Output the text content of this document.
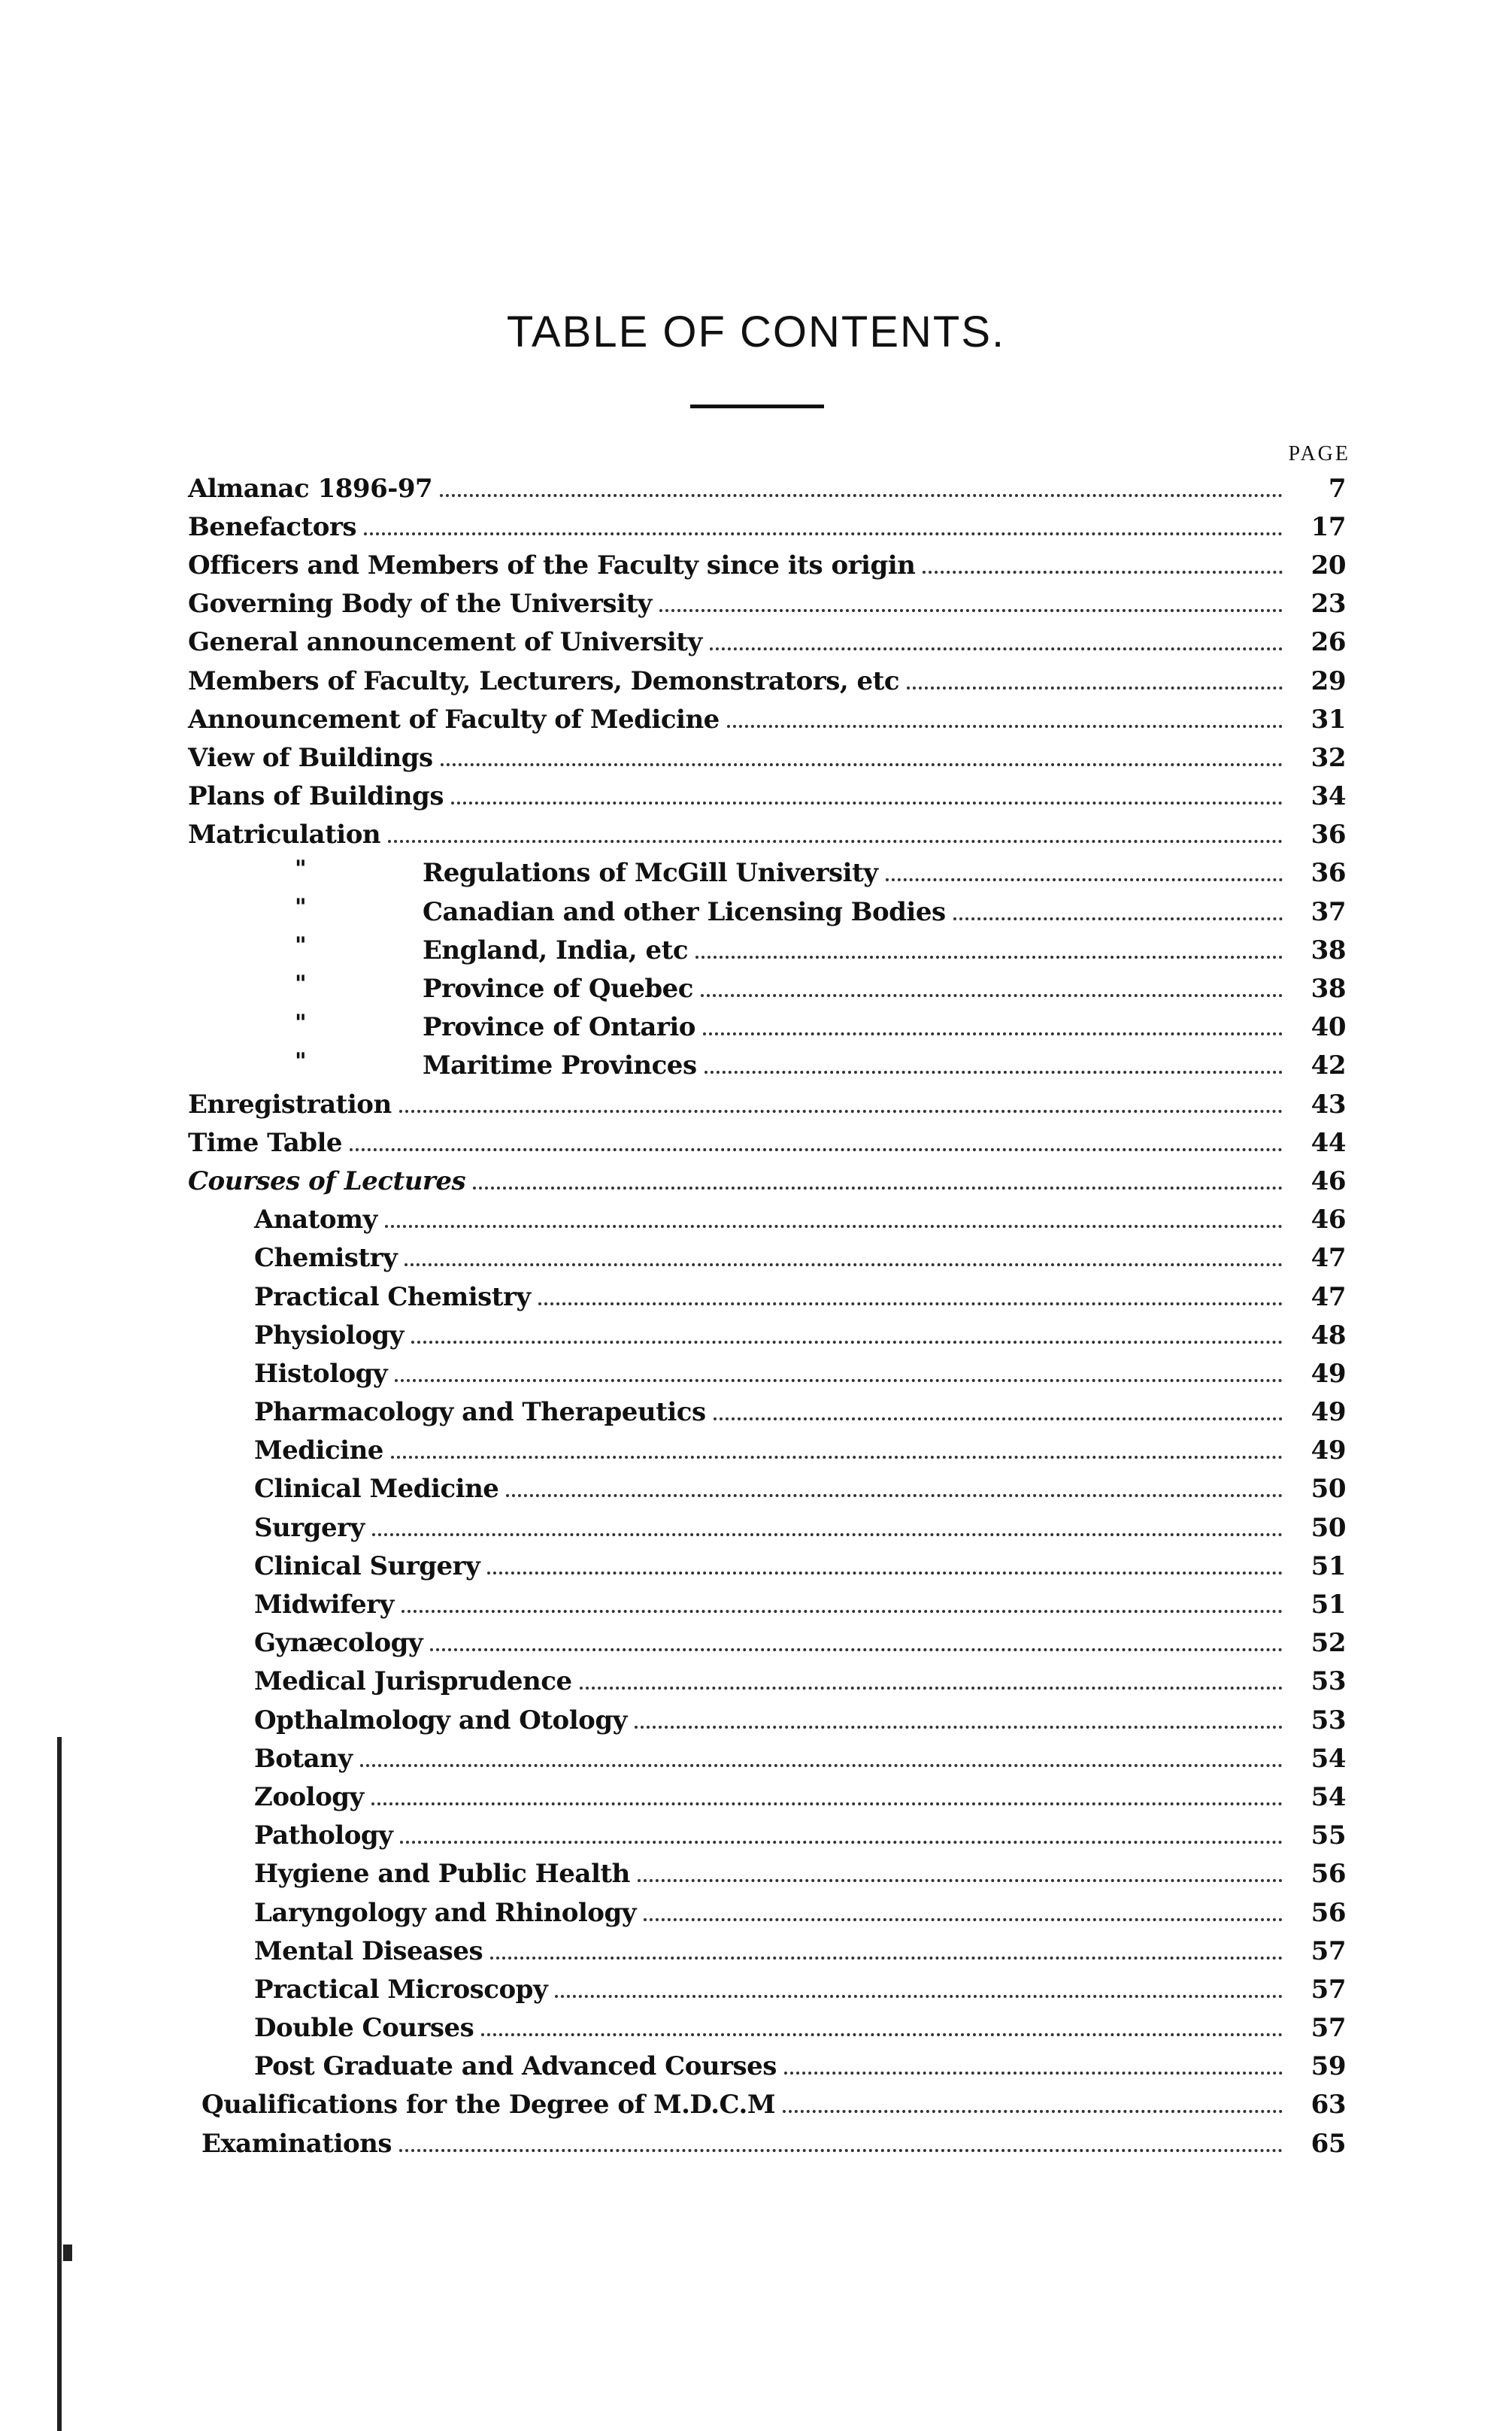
TABLE OF CONTENTS.
PAGE
Almanac 1896-97	7
Benefactors	17
Officers and Members of the Faculty since its origin	20
Governing Body of the University	23
General announcement of University	26
Members of Faculty, Lecturers, Demonstrators, etc	29
Announcement of Faculty of Medicine	31
View of Buildings	32
Plans of Buildings	34
Matriculation	36
"	Regulations of McGill University	36
"	Canadian and other Licensing Bodies	37
"	England, India, etc	38
"	Province of Quebec	38
"	Province of Ontario	40
"	Maritime Provinces	42
Enregistration	43
Time Table	44
Courses of Lectures	46
Anatomy	46
Chemistry	47
Practical Chemistry	47
Physiology	48
Histology	49
Pharmacology and Therapeutics	49
Medicine	49
Clinical Medicine	50
Surgery	50
Clinical Surgery	51
Midwifery	51
Gynæcology	52
Medical Jurisprudence	53
Opthalmology and Otology	53
Botany	54
Zoology	54
Pathology	55
Hygiene and Public Health	56
Laryngology and Rhinology	56
Mental Diseases	57
Practical Microscopy	57
Double Courses	57
Post Graduate and Advanced Courses	59
Qualifications for the Degree of M.D.C.M	63
Examinations	65
